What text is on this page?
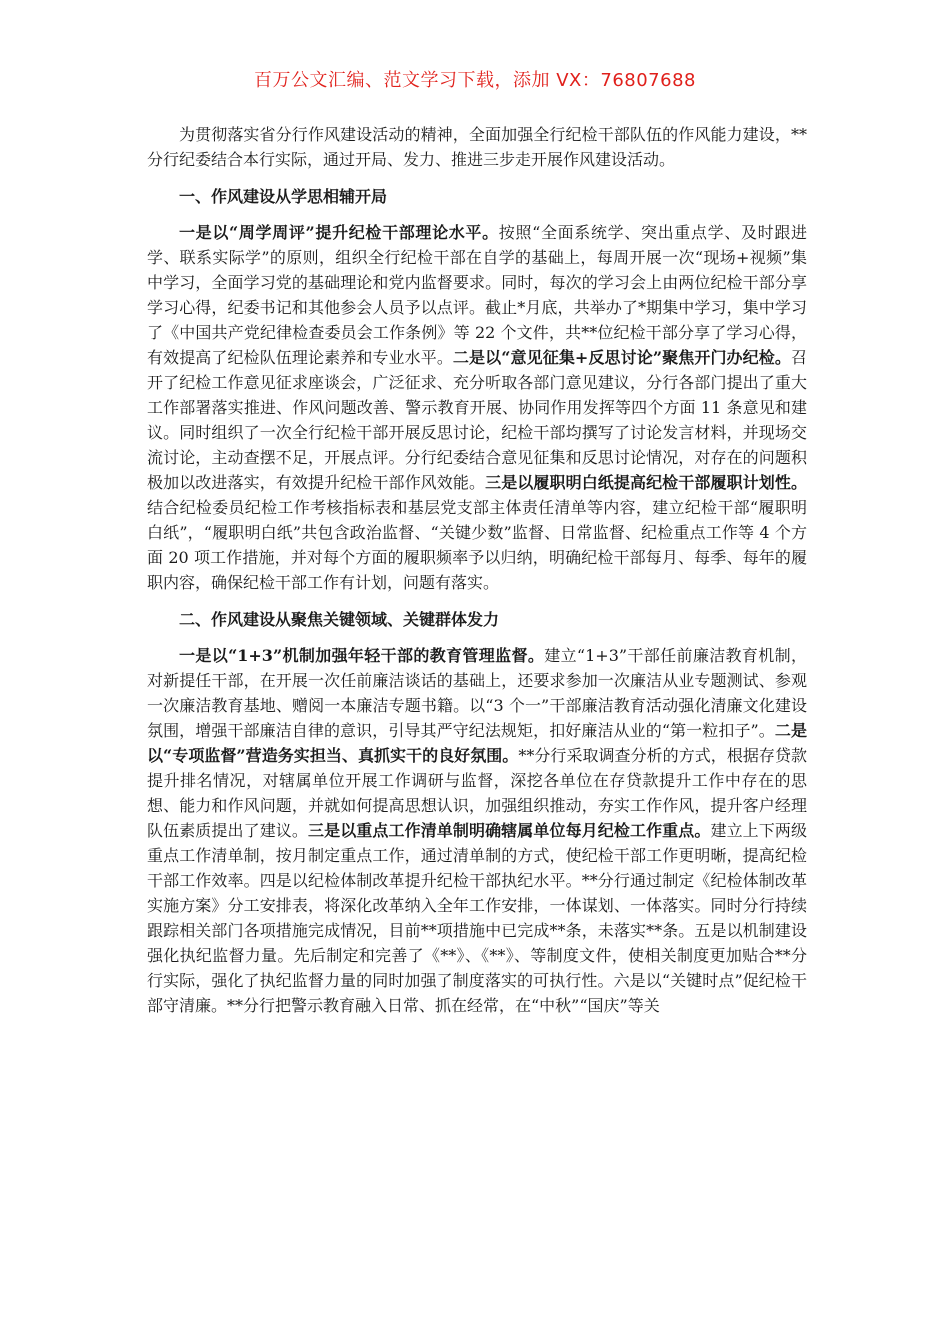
百万公文汇编、范文学习下载，添加 VX：76807688

为贯彻落实省分行作风建设活动的精神，全面加强全行纪检干部队伍的作风能力建设，**分行纪委结合本行实际，通过开局、发力、推进三步走开展作风建设活动。

一、作风建设从学思相辅开局

一是以“周学周评”提升纪检干部理论水平。按照“全面系统学、突出重点学、及时跟进学、联系实际学”的原则，组织全行纪检干部在自学的基础上，每周开展一次“现场+视频”集中学习，全面学习党的基础理论和党内监督要求。同时，每次的学习会上由两位纪检干部分享学习心得，纪委书记和其他参会人员予以点评。截止*月底，共举办了*期集中学习，集中学习了《中国共产党纪律检查委员会工作条例》等 22 个文件，共**位纪检干部分享了学习心得，有效提高了纪检队伍理论素养和专业水平。二是以“意见征集+反思讨论”聚焦开门办纪检。召开了纪检工作意见征求座谈会，广泛征求、充分听取各部门意见建议，分行各部门提出了重大工作部署落实推进、作风问题改善、警示教育开展、协同作用发挥等四个方面 11 条意见和建议。同时组织了一次全行纪检干部开展反思讨论，纪检干部均撰写了讨论发言材料，并现场交流讨论，主动查摆不足，开展点评。分行纪委结合意见征集和反思讨论情况，对存在的问题积极加以改进落实，有效提升纪检干部作风效能。三是以履职明白纸提高纪检干部履职计划性。结合纪检委员纪检工作考核指标表和基层党支部主体责任清单等内容，建立纪检干部“履职明白纸”，“履职明白纸”共包含政治监督、“关键少数”监督、日常监督、纪检重点工作等 4 个方面 20 项工作措施，并对每个方面的履职频率予以归纳，明确纪检干部每月、每季、每年的履职内容，确保纪检干部工作有计划，问题有落实。

二、作风建设从聚焦关键领域、关键群体发力

一是以“1+3”机制加强年轻干部的教育管理监督。建立“1+3”干部任前廉洁教育机制，对新提任干部，在开展一次任前廉洁谈话的基础上，还要求参加一次廉洁从业专题测试、参观一次廉洁教育基地、赠阅一本廉洁专题书籍。以“3 个一”干部廉洁教育活动强化清廉文化建设氛围，增强干部廉洁自律的意识，引导其严守纪法规矩，扣好廉洁从业的“第一粒扣子”。二是以“专项监督”营造务实担当、真抓实干的良好氛围。**分行采取调查分析的方式，根据存贷款提升排名情况，对辖属单位开展工作调研与监督，深挖各单位在存贷款提升工作中存在的思想、能力和作风问题，并就如何提高思想认识，加强组织推动，夯实工作作风，提升客户经理队伍素质提出了建议。三是以重点工作清单制明确辖属单位每月纪检工作重点。建立上下两级重点工作清单制，按月制定重点工作，通过清单制的方式，使纪检干部工作更明晰，提高纪检干部工作效率。四是以纪检体制改革提升纪检干部执纪水平。**分行通过制定《纪检体制改革实施方案》分工安排表，将深化改革纳入全年工作安排，一体谋划、一体落实。同时分行持续跟踪相关部门各项措施完成情况，目前**项措施中已完成**条，未落实**条。五是以机制建设强化执纪监督力量。先后制定和完善了《**》、《**》、等制度文件，使相关制度更加贴合**分行实际，强化了执纪监督力量的同时加强了制度落实的可执行性。六是以“关键时点”促纪检干部守清廉。**分行把警示教育融入日常、抓在经常，在“中秋”“国庆”等关
